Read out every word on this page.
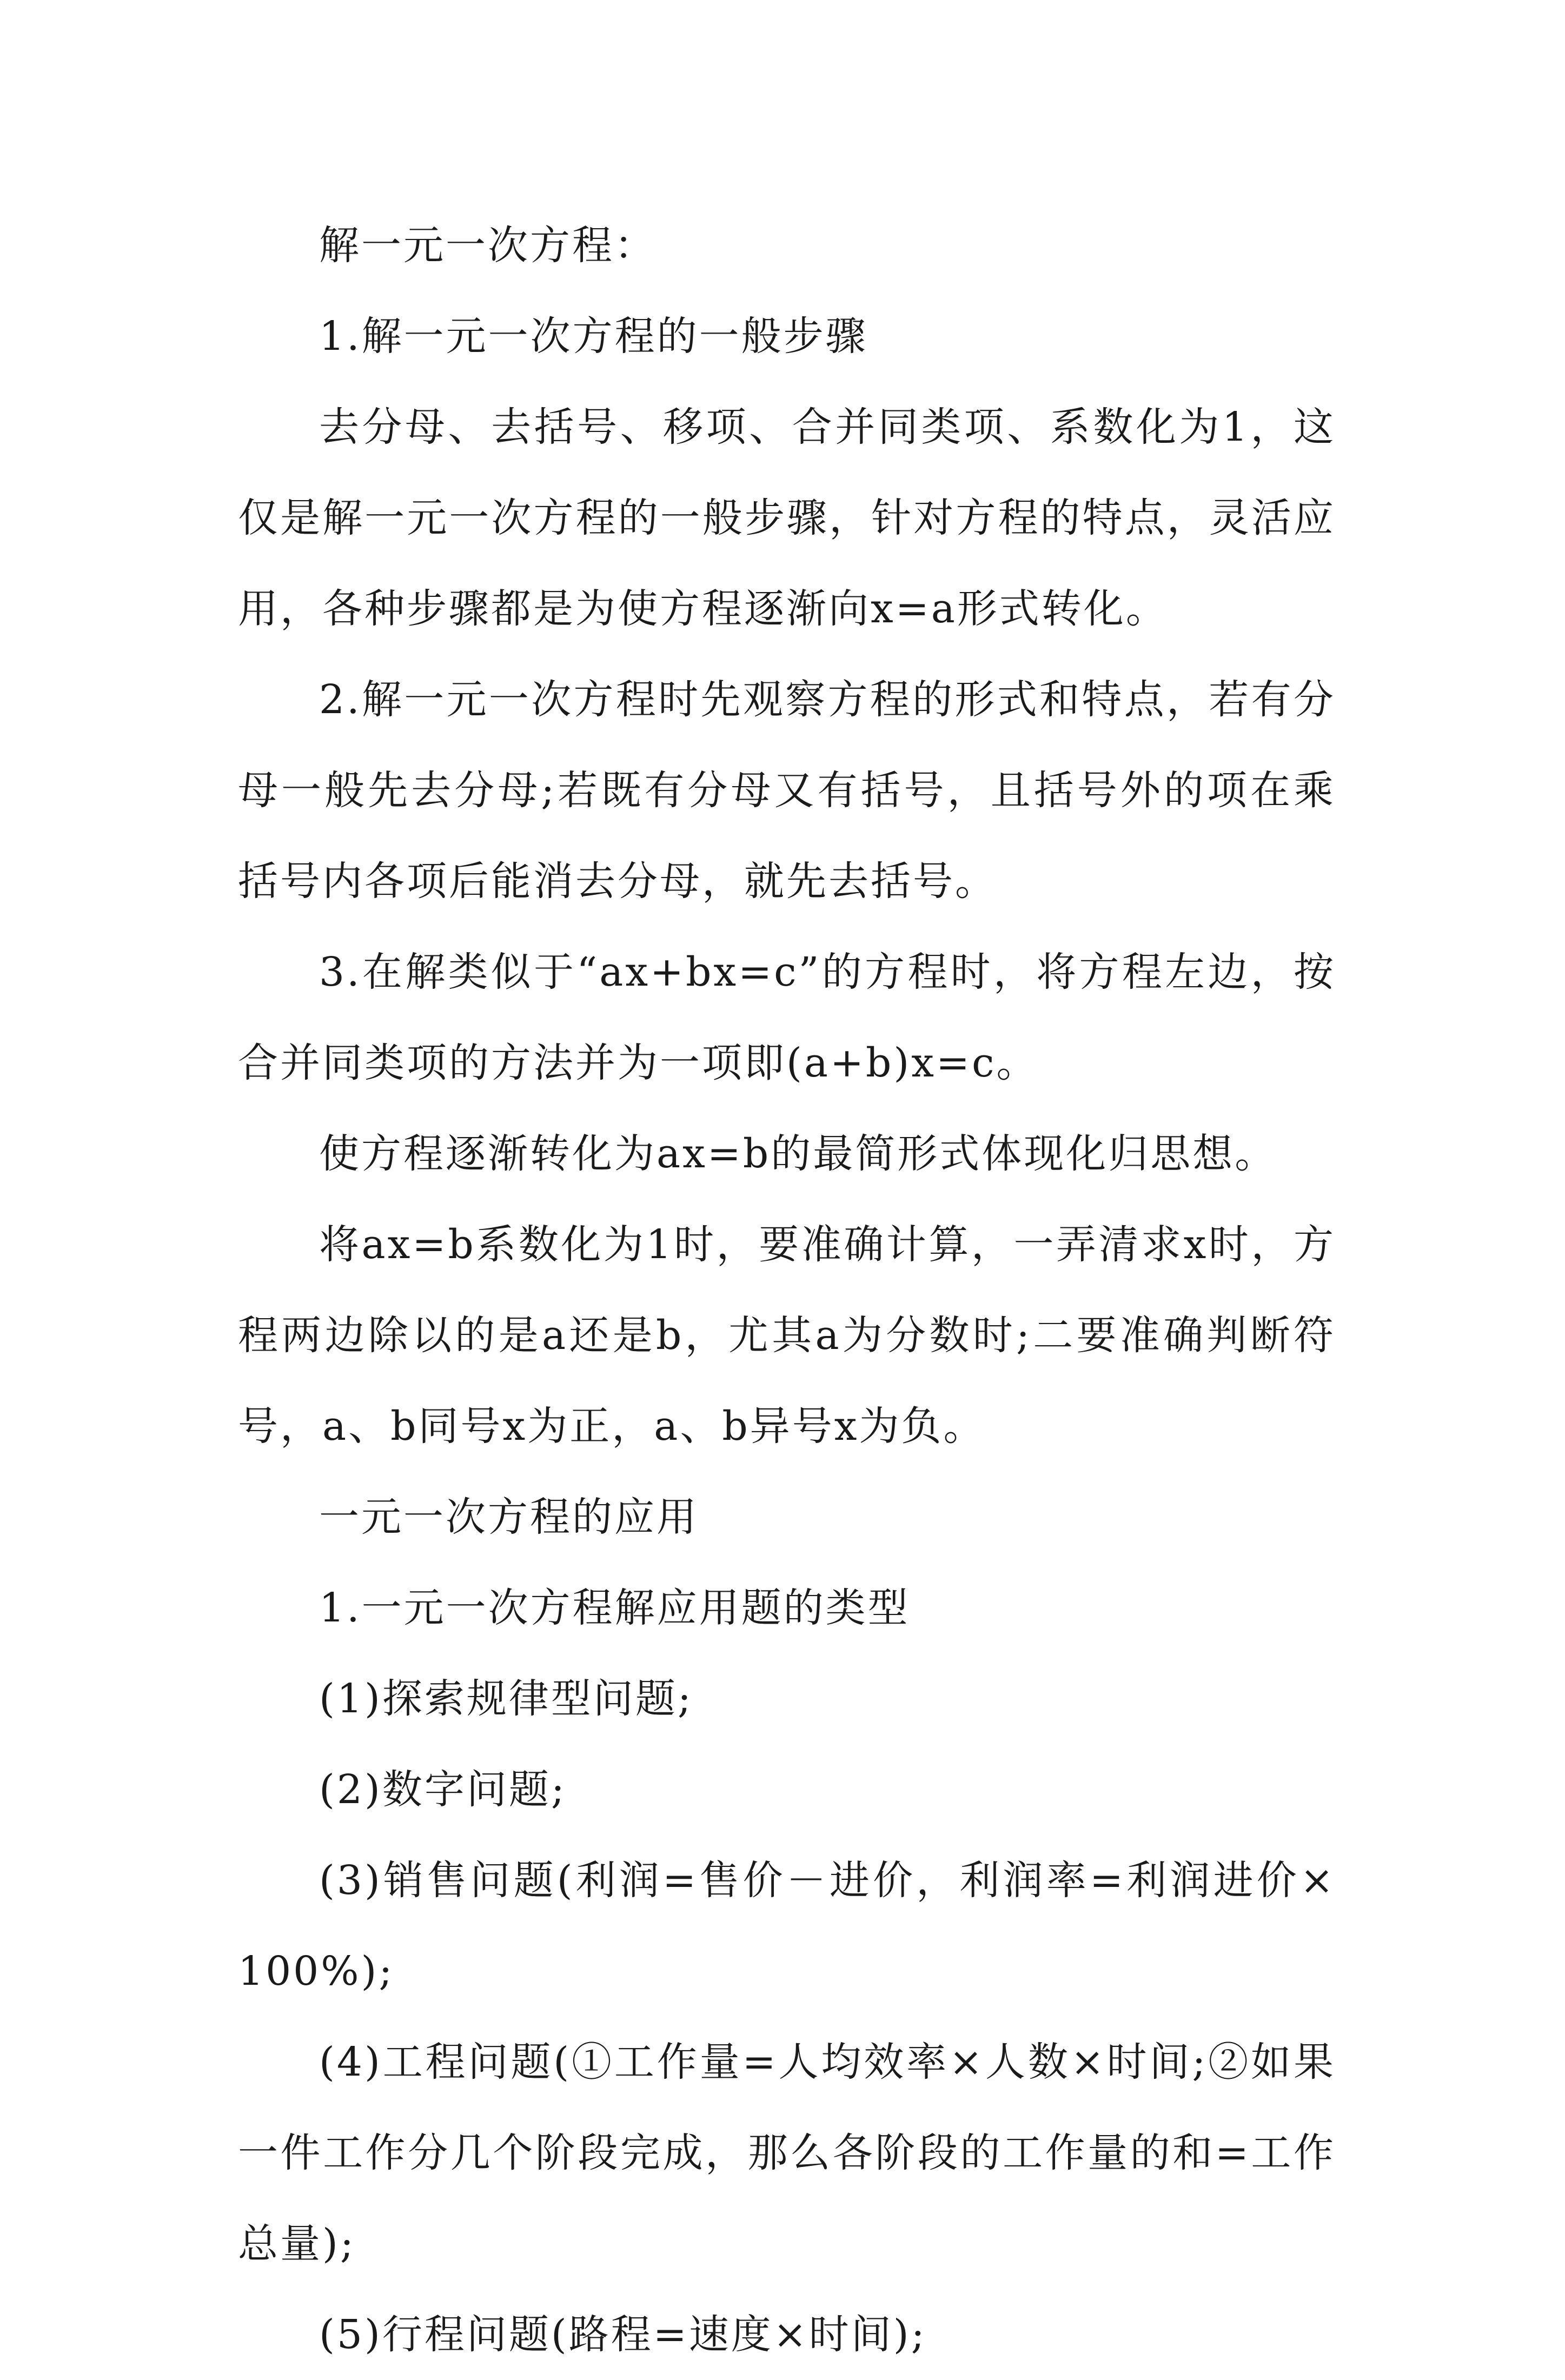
解一元一次方程：

1.解一元一次方程的一般步骤

去分母、去括号、移项、合并同类项、系数化为1，这仅是解一元一次方程的一般步骤，针对方程的特点，灵活应用，各种步骤都是为使方程逐渐向x=a形式转化。

2.解一元一次方程时先观察方程的形式和特点，若有分母一般先去分母;若既有分母又有括号，且括号外的项在乘括号内各项后能消去分母，就先去括号。

3.在解类似于“ax+bx=c”的方程时，将方程左边，按合并同类项的方法并为一项即(a+b)x=c。

使方程逐渐转化为ax=b的最简形式体现化归思想。

将ax=b系数化为1时，要准确计算，一弄清求x时，方程两边除以的是a还是b，尤其a为分数时;二要准确判断符号，a、b同号x为正，a、b异号x为负。

一元一次方程的应用

1.一元一次方程解应用题的类型

(1)探索规律型问题;

(2)数字问题;

(3)销售问题(利润=售价－进价，利润率=利润进价×100%);

(4)工程问题(①工作量=人均效率×人数×时间;②如果一件工作分几个阶段完成，那么各阶段的工作量的和=工作总量);

(5)行程问题(路程=速度×时间);
